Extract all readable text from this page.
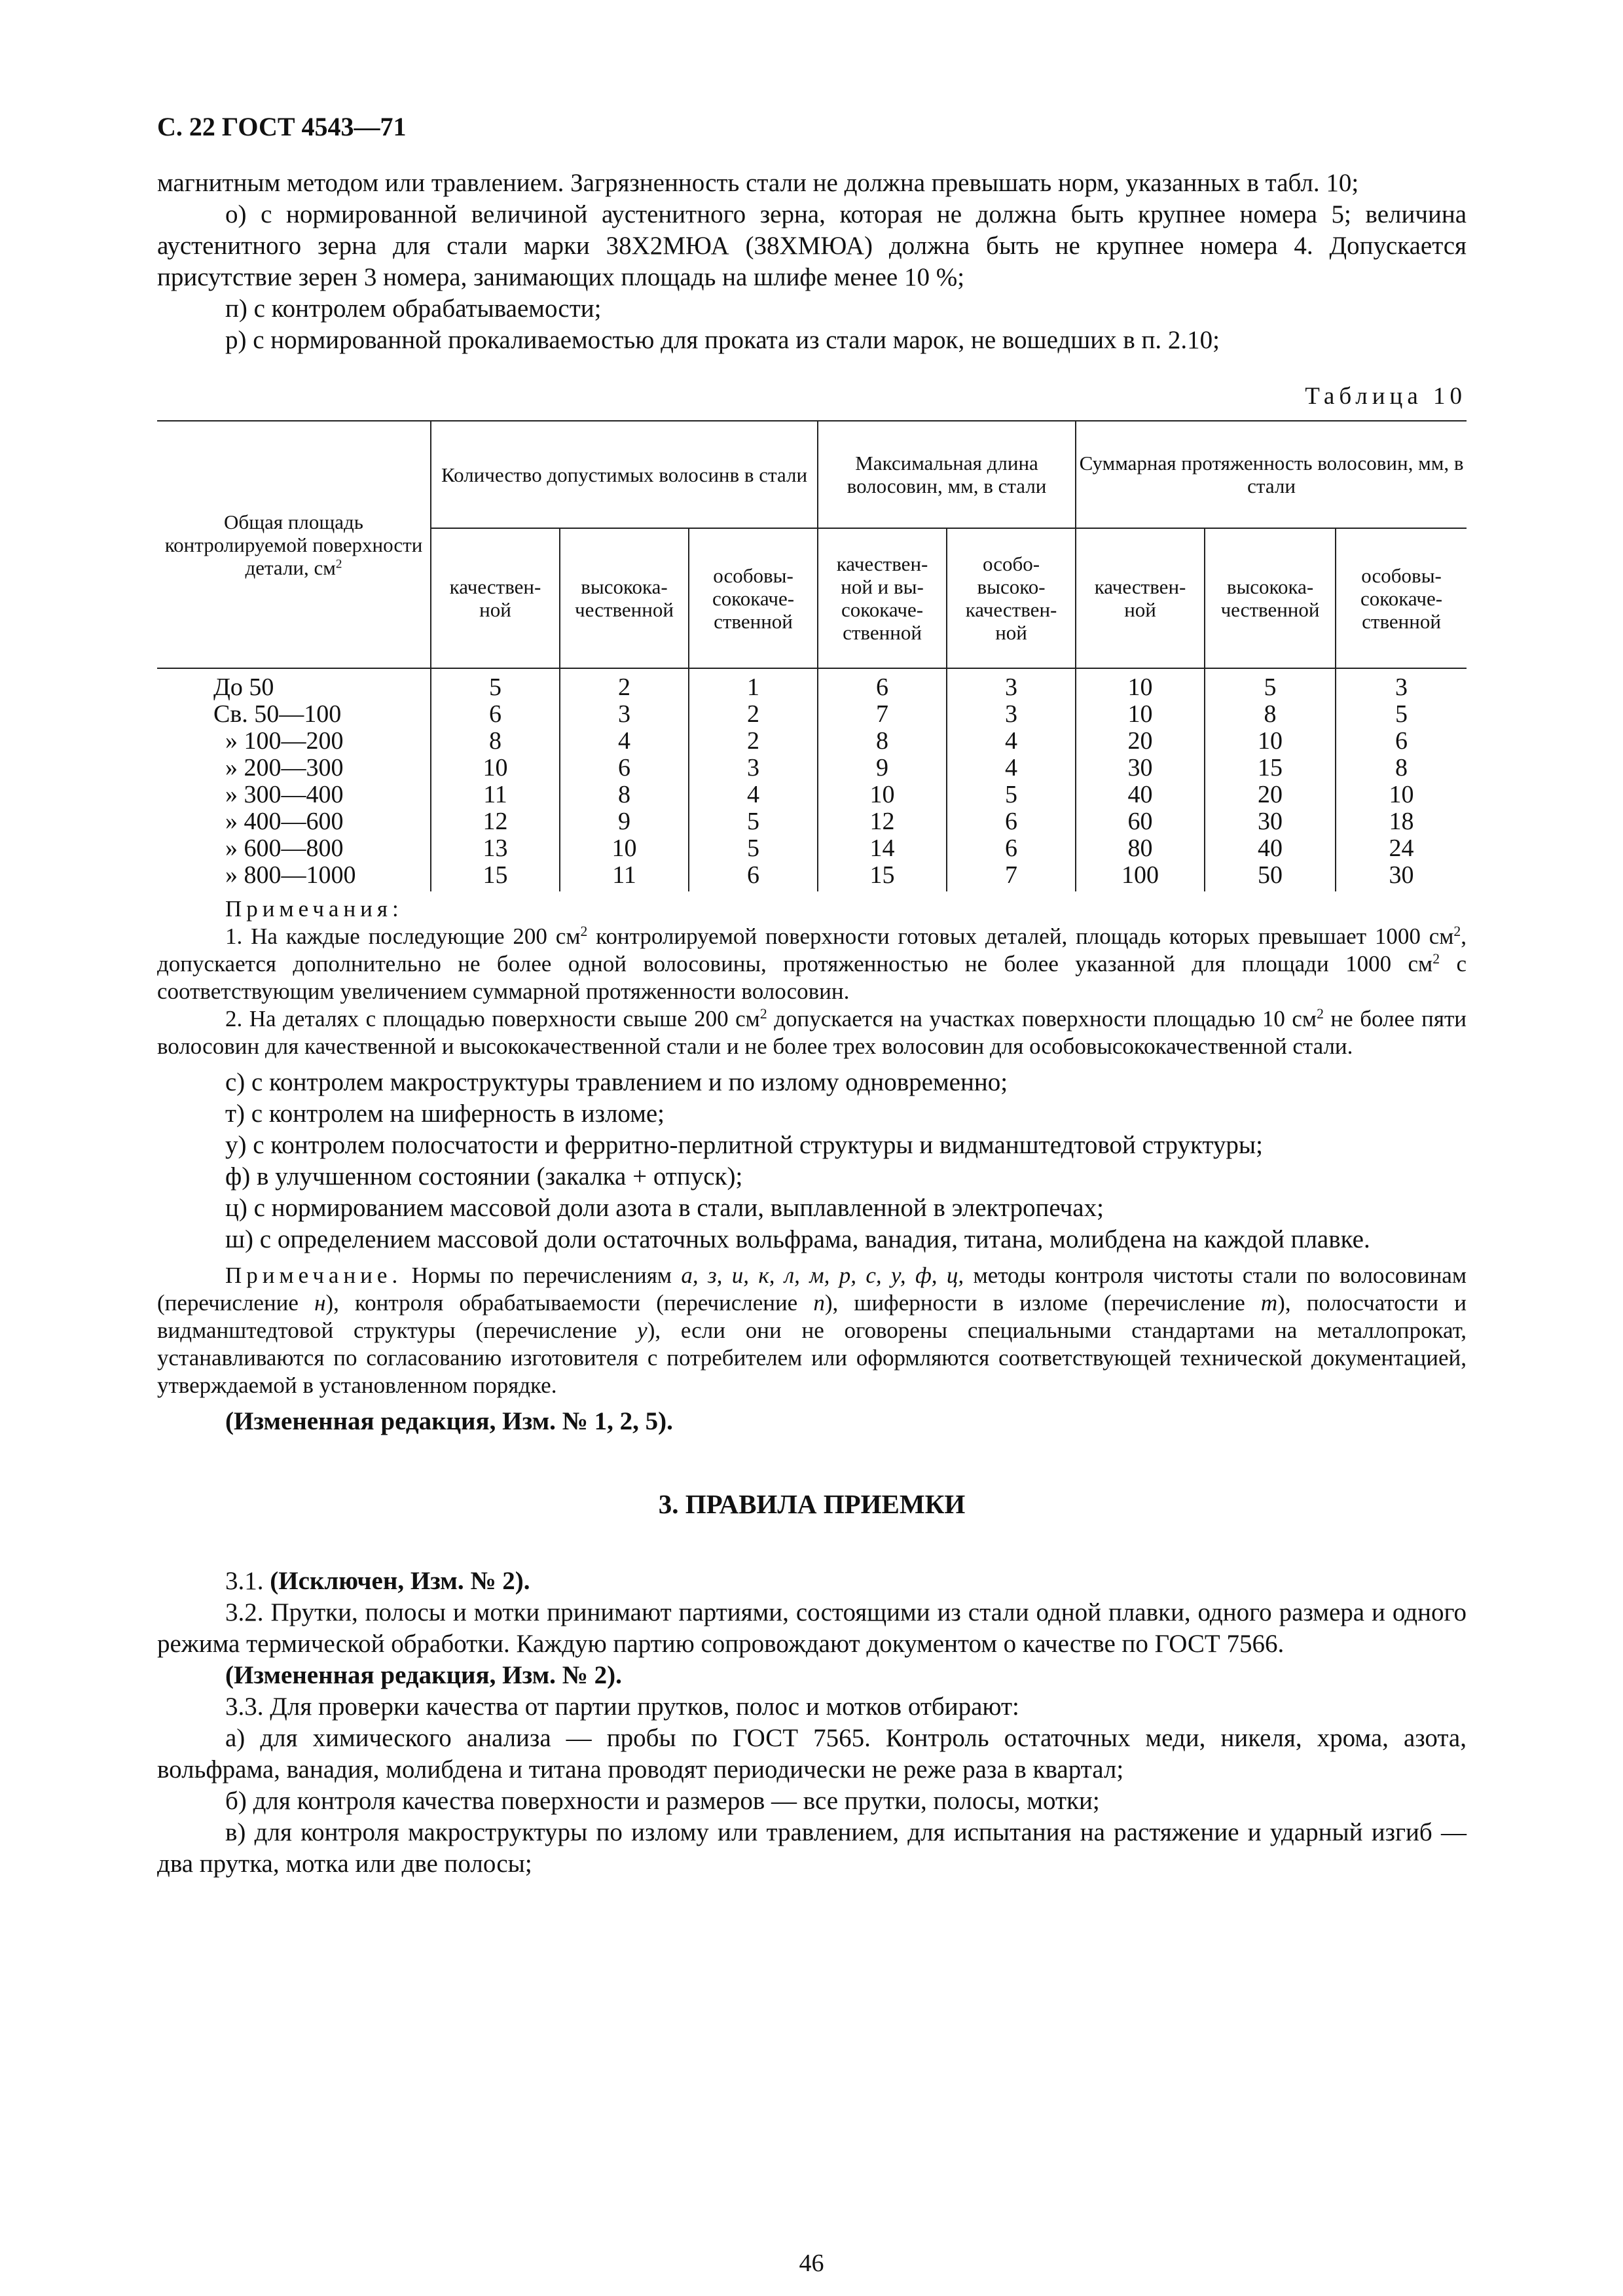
С. 22 ГОСТ 4543—71

магнитным методом или травлением. Загрязненность стали не должна превышать норм, указанных в табл. 10;

о) с нормированной величиной аустенитного зерна, которая не должна быть крупнее номера 5; величина аустенитного зерна для стали марки 38Х2МЮА (38ХМЮА) должна быть не крупнее номера 4. Допускается присутствие зерен 3 номера, занимающих площадь на шлифе менее 10 %;

п) с контролем обрабатываемости;

р) с нормированной прокаливаемостью для проката из стали марок, не вошедших в п. 2.10;

Таблица 10
Общая площадь контролируемой поверхности детали, $см^2$	Количество допустимых волосинв в стали			Максимальная длина волосовин, мм, в стали		Суммарная протяженность волосовин, мм, в стали		
	качествен-ной	высокока-чественной	особовы-сококаче-ственной	качествен-ной и вы-сококаче-ственной	особо-высоко-качествен-ной	качествен-ной	высокока-чественной	особовы-сококаче-ственной
До 50	5	2	1	6	3	10	5	3
Св. 50—100	6	3	2	7	3	10	8	5
» 100—200	8	4	2	8	4	20	10	6
» 200—300	10	6	3	9	4	30	15	8
» 300—400	11	8	4	10	5	40	20	10
» 400—600	12	9	5	12	6	60	30	18
» 600—800	13	10	5	14	6	80	40	24
» 800—1000	15	11	6	15	7	100	50	30

Примечания:

1. На каждые последующие 200 $см^2$ контролируемой поверхности готовых деталей, площадь которых превышает 1000 $см^2$, допускается дополнительно не более одной волосовины, протяженностью не более указанной для площади 1000 $см^2$ с соответствующим увеличением суммарной протяженности волосовин.

2. На деталях с площадью поверхности свыше 200 $см^2$ допускается на участках поверхности площадью 10 $см^2$ не более пяти волосовин для качественной и высококачественной стали и не более трех волосовин для особовысококачественной стали.

с) с контролем макроструктуры травлением и по излому одновременно;

т) с контролем на шиферность в изломе;

у) с контролем полосчатости и ферритно-перлитной структуры и видманштедтовой структуры;

ф) в улучшенном состоянии (закалка + отпуск);

ц) с нормированием массовой доли азота в стали, выплавленной в электропечах;

ш) с определением массовой доли остаточных вольфрама, ванадия, титана, молибдена на каждой плавке.

Примечание. Нормы по перечислениям а, з, и, к, л, м, р, с, у, ф, ц, методы контроля чистоты стали по волосовинам (перечисление н), контроля обрабатываемости (перечисление п), шиферности в изломе (перечисление т), полосчатости и видманштедтовой структуры (перечисление у), если они не оговорены специальными стандартами на металлопрокат, устанавливаются по согласованию изготовителя с потребителем или оформляются соответствующей технической документацией, утверждаемой в установленном порядке.

(Измененная редакция, Изм. № 1, 2, 5).

3. ПРАВИЛА ПРИЕМКИ

3.1. (Исключен, Изм. № 2).

3.2. Прутки, полосы и мотки принимают партиями, состоящими из стали одной плавки, одного размера и одного режима термической обработки. Каждую партию сопровождают документом о качестве по ГОСТ 7566.

(Измененная редакция, Изм. № 2).

3.3. Для проверки качества от партии прутков, полос и мотков отбирают:

а) для химического анализа — пробы по ГОСТ 7565. Контроль остаточных меди, никеля, хрома, азота, вольфрама, ванадия, молибдена и титана проводят периодически не реже раза в квартал;

б) для контроля качества поверхности и размеров — все прутки, полосы, мотки;

в) для контроля макроструктуры по излому или травлением, для испытания на растяжение и ударный изгиб — два прутка, мотка или две полосы;

46
